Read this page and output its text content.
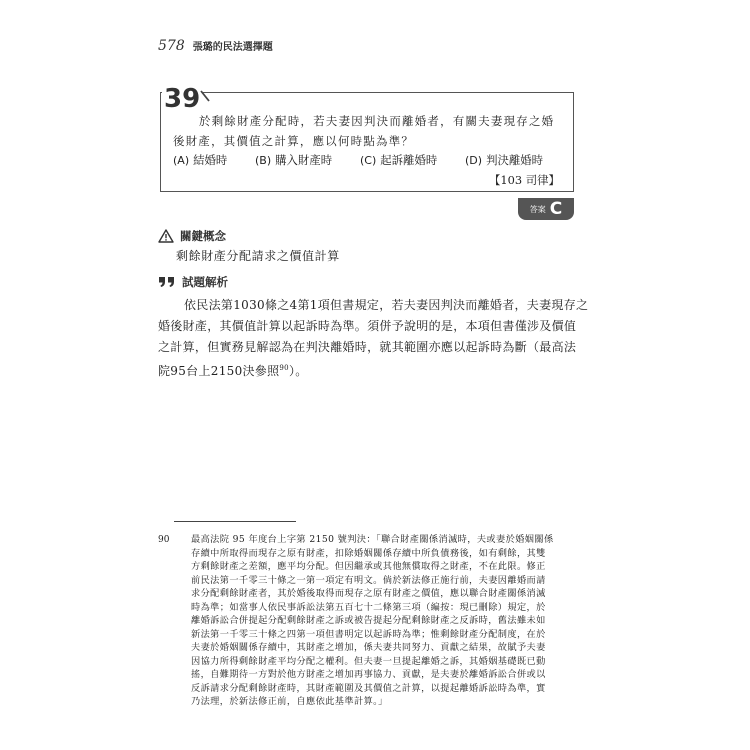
578 張璐的民法選擇題
39
於剩餘財產分配時，若夫妻因判決而離婚者，有關夫妻現存之婚
後財產，其價值之計算，應以何時點為準？
(A) 結婚時	(B) 購入財產時	(C) 起訴離婚時	(D) 判決離婚時
【103 司律】
答案 C
關鍵概念
剩餘財產分配請求之價值計算
試題解析
依民法第1030條之4第1項但書規定，若夫妻因判決而離婚者，夫妻現存之
婚後財產，其價值計算以起訴時為準。須併予說明的是，本項但書僅涉及價值
之計算，但實務見解認為在判決離婚時，就其範圍亦應以起訴時為斷（最高法
院95台上2150決參照$^{90}$）。
90 最高法院 95 年度台上字第 2150 號判決：「聯合財產關係消滅時，夫或妻於婚姻關係
存續中所取得而現存之原有財產，扣除婚姻關係存續中所負債務後，如有剩餘，其雙
方剩餘財產之差額，應平均分配。但因繼承或其他無償取得之財產，不在此限。修正
前民法第一千零三十條之一第一項定有明文。倘於新法修正施行前，夫妻因離婚而請
求分配剩餘財產者，其於婚後取得而現存之原有財產之價值，應以聯合財產關係消滅
時為準；如當事人依民事訴訟法第五百七十二條第三項（編按：現已刪除）規定，於
離婚訴訟合併提起分配剩餘財產之訴或被告提起分配剩餘財產之反訴時，舊法雖未如
新法第一千零三十條之四第一項但書明定以起訴時為準；惟剩餘財產分配制度，在於
夫妻於婚姻關係存續中，其財產之增加，係夫妻共同努力、貢獻之結果，故賦予夫妻
因協力所得剩餘財產平均分配之權利。但夫妻一旦提起離婚之訴，其婚姻基礎既已動
搖，自難期待一方對於他方財產之增加再事協力、貢獻，是夫妻於離婚訴訟合併或以
反訴請求分配剩餘財產時，其財產範圍及其價值之計算，以提起離婚訴訟時為準，實
乃法理，於新法修正前，自應依此基準計算。」
